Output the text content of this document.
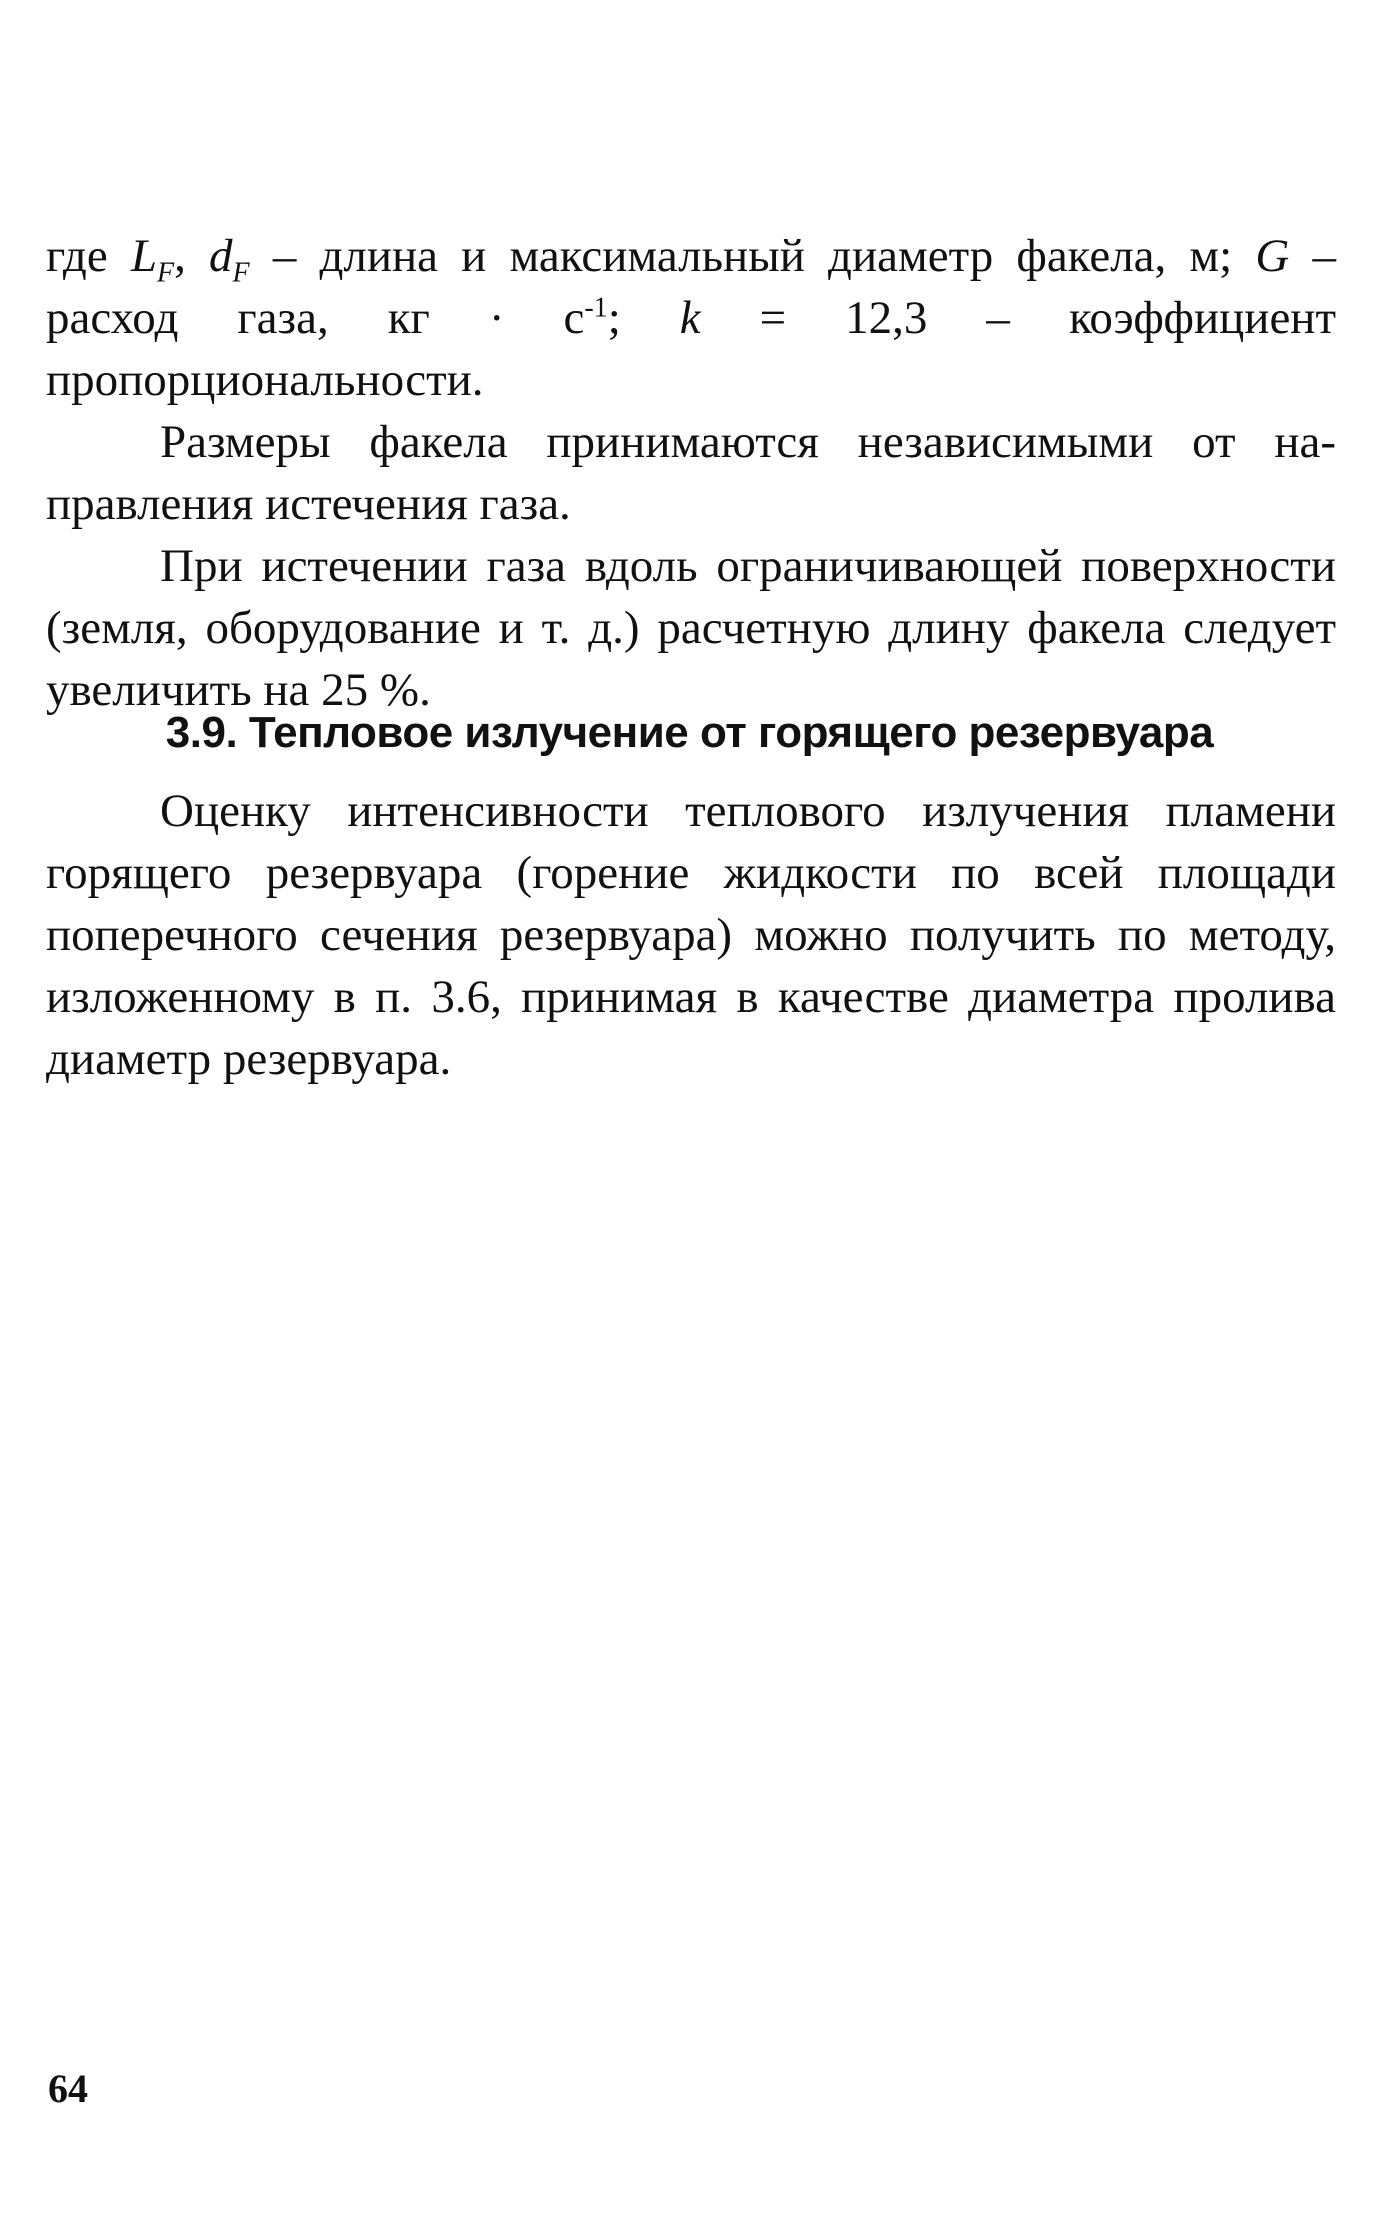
где $L_F$, $d_F$ – длина и максимальный диаметр факела, м; G – расход газа, кг · $с^{-1}$; k = 12,3 – коэффициент пропорциональности.

Размеры факела принимаются независимыми от на-правления истечения газа.

При истечении газа вдоль ограничивающей поверхности (земля, оборудование и т. д.) расчетную длину факела следует увеличить на 25 %.

3.9. Тепловое излучение от горящего резервуара

Оценку интенсивности теплового излучения пламени горящего резервуара (горение жидкости по всей площади поперечного сечения резервуара) можно получить по методу, изложенному в п. 3.6, принимая в качестве диаметра пролива диаметр резервуара.

64
